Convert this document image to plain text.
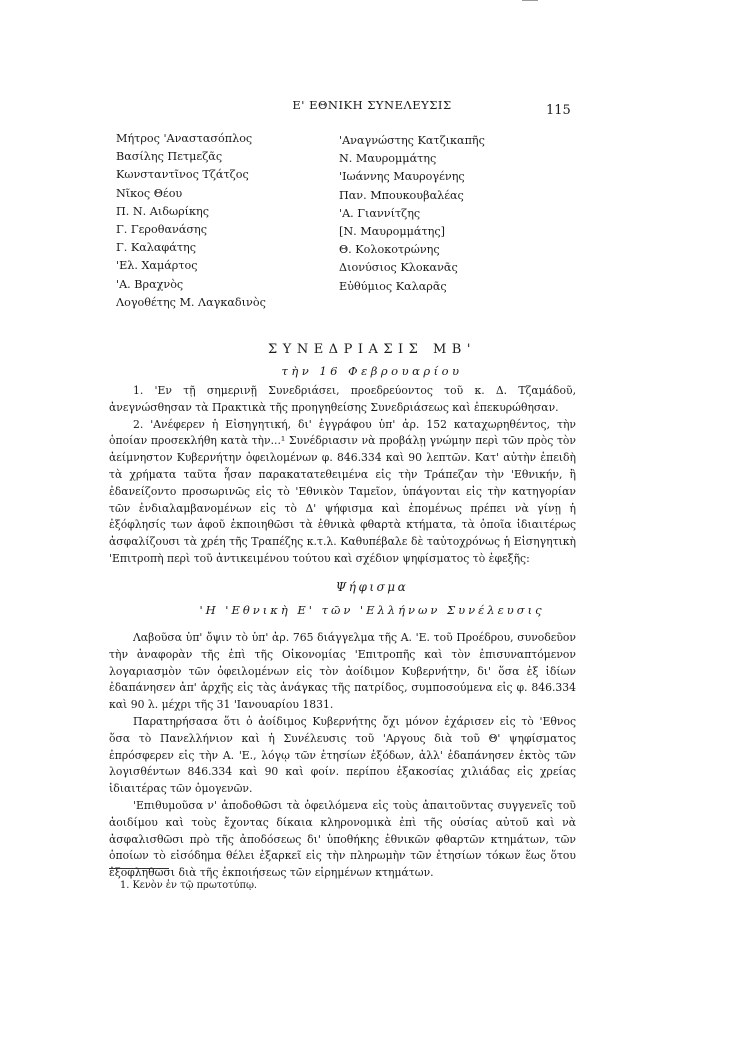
Ε' ΕΘΝΙΚΗ ΣΥΝΕΛΕΥΣΙΣ	115
Μήτρος 'Αναστασόπλος
Βασίλης Πετμεζᾶς
Κωνσταντῖνος Τζάτζος
Νῖκος Θέου
Π. Ν. Αιδωρίκης
Γ. Γεροθανάσης
Γ. Καλαφάτης
'Ελ. Χαμάρτος
'Α. Βραχνὸς
Λογοθέτης Μ. Λαγκαδινὸς
'Αναγνώστης Κατζικαπῆς
Ν. Μαυρομμάτης
'Ιωάννης Μαυρογένης
Παν. Μπουκουβαλέας
'Α. Γιαννίτζης
[Ν. Μαυρομμάτης]
Θ. Κολοκοτρώνης
Διονύσιος Κλοκανᾶς
Εὐθύμιος Καλαρᾶς
ΣΥΝΕΔΡΙΑΣΙΣ ΜΒ'
τὴν 16 Φεβρουαρίου

1. 'Εν τῇ σημερινῇ Συνεδριάσει, προεδρεύοντος τοῦ κ. Δ. Τζαμάδοῦ, ἀνεγνώσθησαν τὰ Πρακτικὰ τῆς προηγηθείσης Συνεδριάσεως καὶ ἐπεκυρώθησαν.

2. 'Ανέφερεν ἡ Εἰσηγητική, δι' ἐγγράφου ὑπ' ἀρ. 152 καταχωρηθέντος, τὴν ὁποίαν προσεκλήθη κατὰ τὴν...¹ Συνέδριασιν νὰ προβάλῃ γνώμην περὶ τῶν πρὸς τὸν ἀείμνηστον Κυβερνήτην ὀφειλομένων φ. 846.334 καὶ 90 λεπτῶν. Κατ' αὐτὴν ἐπειδὴ τὰ χρήματα ταῦτα ἦσαν παρακατατεθειμένα εἰς τὴν Τράπεζαν τὴν 'Εθνικήν, ἢ ἐδανείζοντο προσωρινῶς εἰς τὸ 'Εθνικὸν Ταμεῖον, ὑπάγονται εἰς τὴν κατηγορίαν τῶν ἐνδιαλαμβανομένων εἰς τὸ Δ' ψήφισμα καὶ ἐπομένως πρέπει νὰ γίνῃ ἡ ἐξόφλησίς των ἀφοῦ ἐκποιηθῶσι τὰ ἐθνικὰ φθαρτὰ κτήματα, τὰ ὁποῖα ἰδιαιτέρως ἀσφαλίζουσι τὰ χρέη τῆς Τραπέζης κ.τ.λ. Καθυπέβαλε δὲ ταὐτοχρόνως ἡ Εἰσηγητικὴ 'Επιτροπὴ περὶ τοῦ ἀντικειμένου τούτου καὶ σχέδιον ψηφίσματος τὸ ἑφεξῆς:

Ψήφισμα
'Η 'Εθνικὴ Ε' τῶν 'Ελλήνων Συνέλευσις

Λαβοῦσα ὑπ' ὄψιν τὸ ὑπ' ἀρ. 765 διάγγελμα τῆς Α. 'Ε. τοῦ Προέδρου, συνοδεῦον τὴν ἀναφορὰν τῆς ἐπὶ τῆς Οἰκονομίας 'Επιτροπῆς καὶ τὸν ἐπισυναπτόμενον λογαριασμὸν τῶν ὀφειλομένων εἰς τὸν ἀοίδιμον Κυβερνήτην, δι' ὅσα ἐξ ἰδίων ἐδαπάνησεν ἀπ' ἀρχῆς εἰς τὰς ἀνάγκας τῆς πατρίδος, συμποσούμενα εἰς φ. 846.334 καὶ 90 λ. μέχρι τῆς 31 'Ιανουαρίου 1831.

Παρατηρήσασα ὅτι ὁ ἀοίδιμος Κυβερνήτης ὄχι μόνον ἐχάρισεν εἰς τὸ 'Εθνος ὅσα τὸ Πανελλήνιον καὶ ἡ Συνέλευσις τοῦ 'Αργους διὰ τοῦ Θ' ψηφίσματος ἐπρόσφερεν εἰς τὴν Α. 'Ε., λόγῳ τῶν ἐτησίων ἐξόδων, ἀλλ' ἐδαπάνησεν ἐκτὸς τῶν λογισθέντων 846.334 καὶ 90 καὶ φοίν. περίπου ἐξακοσίας χιλιάδας εἰς χρείας ἰδιαιτέρας τῶν ὁμογενῶν.

'Επιθυμοῦσα ν' ἀποδοθῶσι τὰ ὀφειλόμενα εἰς τοὺς ἀπαιτοῦντας συγγενεῖς τοῦ ἀοιδίμου καὶ τοὺς ἔχοντας δίκαια κληρονομικὰ ἐπὶ τῆς οὐσίας αὐτοῦ καὶ νὰ ἀσφαλισθῶσι πρὸ τῆς ἀποδόσεως δι' ὑποθήκης ἐθνικῶν φθαρτῶν κτημάτων, τῶν ὁποίων τὸ εἰσόδημα θέλει ἐξαρκεῖ εἰς τὴν πληρωμὴν τῶν ἐτησίων τόκων ἕως ὅτου ἐξοφληθῶσι διὰ τῆς ἐκποιήσεως τῶν εἰρημένων κτημάτων.

1. Κενὸν ἐν τῷ πρωτοτύπῳ.
